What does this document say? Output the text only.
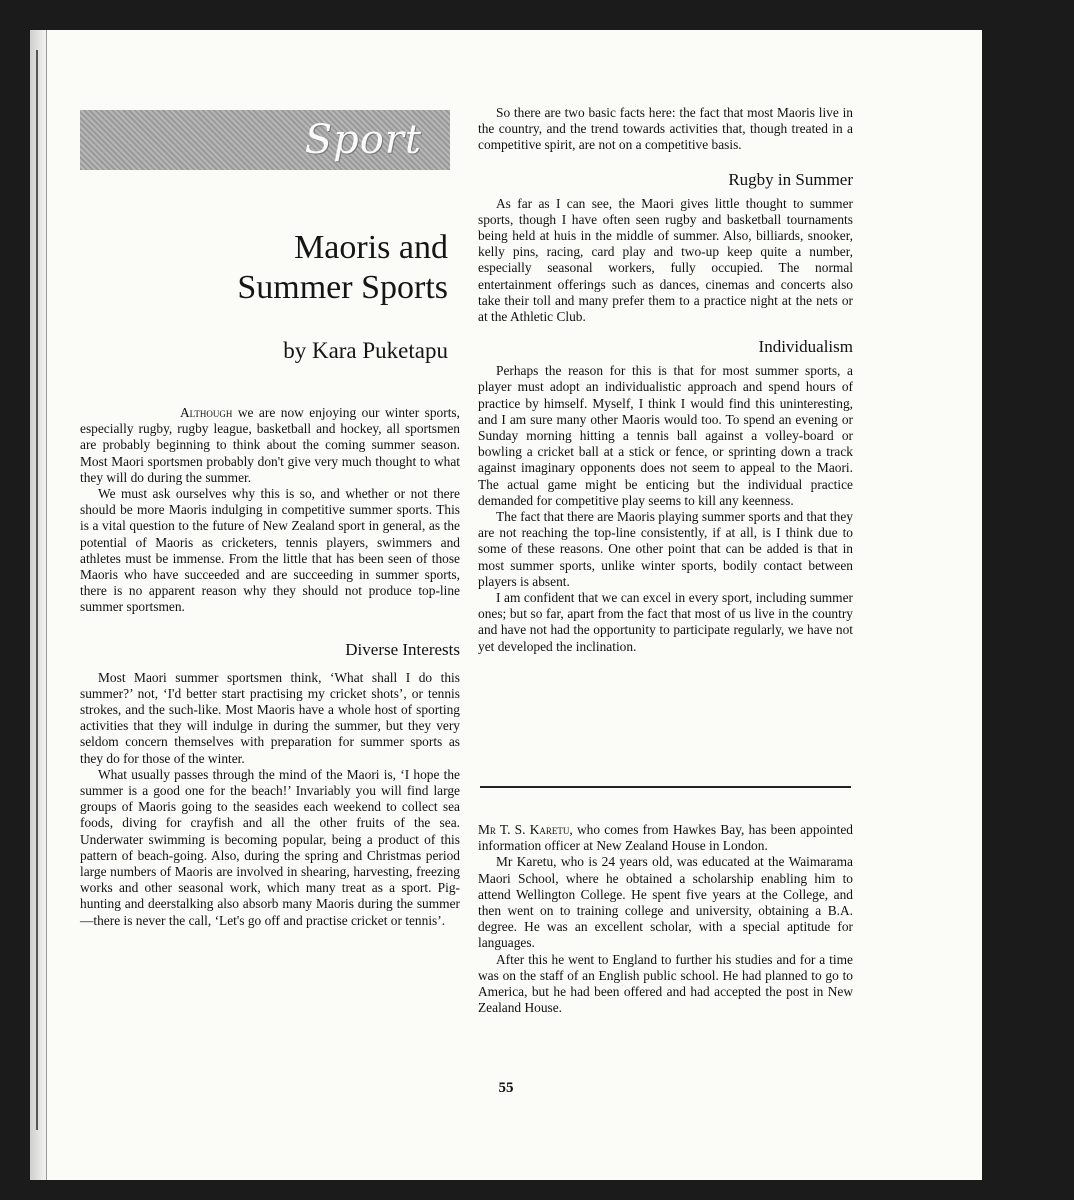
Sport
Maoris and
Summer Sports

by Kara Puketapu

Although we are now enjoying our winter sports, especially rugby, rugby league, basketball and hockey, all sportsmen are probably beginning to think about the coming summer season. Most Maori sportsmen probably don't give very much thought to what they will do during the summer.

We must ask ourselves why this is so, and whether or not there should be more Maoris indulging in competitive summer sports. This is a vital question to the future of New Zealand sport in general, as the potential of Maoris as cricketers, tennis players, swimmers and athletes must be immense. From the little that has been seen of those Maoris who have succeeded and are succeeding in summer sports, there is no apparent reason why they should not produce top-line summer sportsmen.

Diverse Interests

Most Maori summer sportsmen think, ‘What shall I do this summer?’ not, ‘I'd better start practising my cricket shots’, or tennis strokes, and the such-like. Most Maoris have a whole host of sporting activities that they will indulge in during the summer, but they very seldom concern themselves with preparation for summer sports as they do for those of the winter.

What usually passes through the mind of the Maori is, ‘I hope the summer is a good one for the beach!’ Invariably you will find large groups of Maoris going to the seasides each weekend to collect sea foods, diving for crayfish and all the other fruits of the sea. Underwater swimming is becoming popular, being a product of this pattern of beach-going. Also, during the spring and Christmas period large numbers of Maoris are involved in shearing, harvesting, freezing works and other seasonal work, which many treat as a sport. Pig-hunting and deerstalking also absorb many Maoris during the summer—there is never the call, ‘Let's go off and practise cricket or tennis’.

So there are two basic facts here: the fact that most Maoris live in the country, and the trend towards activities that, though treated in a competitive spirit, are not on a competitive basis.

Rugby in Summer

As far as I can see, the Maori gives little thought to summer sports, though I have often seen rugby and basketball tournaments being held at huis in the middle of summer. Also, billiards, snooker, kelly pins, racing, card play and two-up keep quite a number, especially seasonal workers, fully occupied. The normal entertainment offerings such as dances, cinemas and concerts also take their toll and many prefer them to a practice night at the nets or at the Athletic Club.

Individualism

Perhaps the reason for this is that for most summer sports, a player must adopt an individualistic approach and spend hours of practice by himself. Myself, I think I would find this uninteresting, and I am sure many other Maoris would too. To spend an evening or Sunday morning hitting a tennis ball against a volley-board or bowling a cricket ball at a stick or fence, or sprinting down a track against imaginary opponents does not seem to appeal to the Maori. The actual game might be enticing but the individual practice demanded for competitive play seems to kill any keenness.

The fact that there are Maoris playing summer sports and that they are not reaching the top-line consistently, if at all, is I think due to some of these reasons. One other point that can be added is that in most summer sports, unlike winter sports, bodily contact between players is absent.

I am confident that we can excel in every sport, including summer ones; but so far, apart from the fact that most of us live in the country and have not had the opportunity to participate regularly, we have not yet developed the inclination.

Mr T. S. Karetu, who comes from Hawkes Bay, has been appointed information officer at New Zealand House in London.

Mr Karetu, who is 24 years old, was educated at the Waimarama Maori School, where he obtained a scholarship enabling him to attend Wellington College. He spent five years at the College, and then went on to training college and university, obtaining a B.A. degree. He was an excellent scholar, with a special aptitude for languages.

After this he went to England to further his studies and for a time was on the staff of an English public school. He had planned to go to America, but he had been offered and had accepted the post in New Zealand House.

55
